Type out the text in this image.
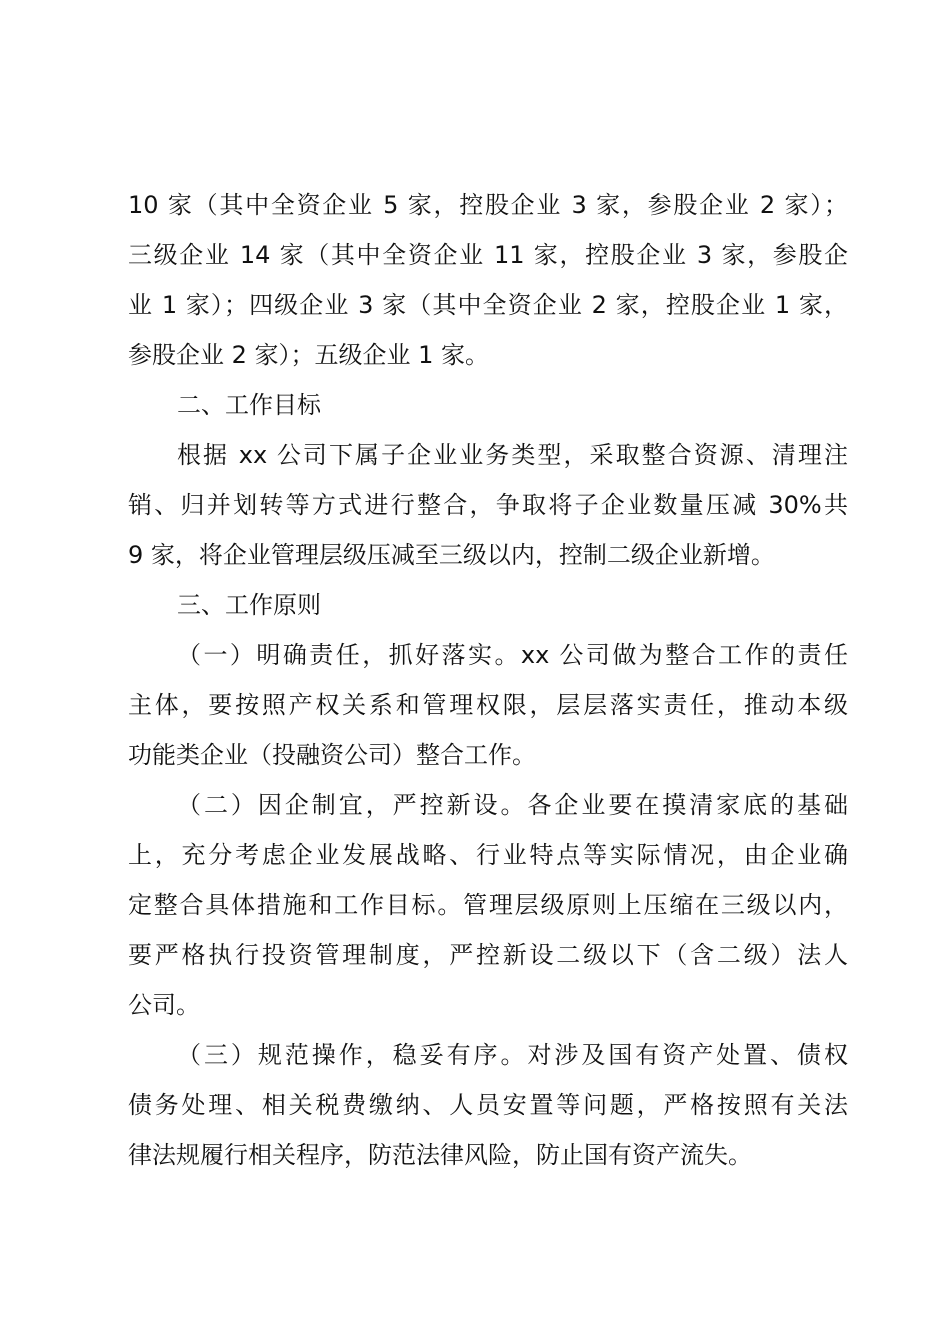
10 家（其中全资企业 5 家，控股企业 3 家，参股企业 2 家）；
三级企业 14 家（其中全资企业 11 家，控股企业 3 家，参股企
业 1 家）；四级企业 3 家（其中全资企业 2 家，控股企业 1 家，
参股企业 2 家）；五级企业 1 家。
二、工作目标
根据 xx 公司下属子企业业务类型，采取整合资源、清理注
销、归并划转等方式进行整合，争取将子企业数量压减 30%共
9 家，将企业管理层级压减至三级以内，控制二级企业新增。
三、工作原则
（一）明确责任，抓好落实。xx 公司做为整合工作的责任
主体，要按照产权关系和管理权限，层层落实责任，推动本级
功能类企业（投融资公司）整合工作。
（二）因企制宜，严控新设。各企业要在摸清家底的基础
上，充分考虑企业发展战略、行业特点等实际情况，由企业确
定整合具体措施和工作目标。管理层级原则上压缩在三级以内，
要严格执行投资管理制度，严控新设二级以下（含二级）法人
公司。
（三）规范操作，稳妥有序。对涉及国有资产处置、债权
债务处理、相关税费缴纳、人员安置等问题，严格按照有关法
律法规履行相关程序，防范法律风险，防止国有资产流失。
